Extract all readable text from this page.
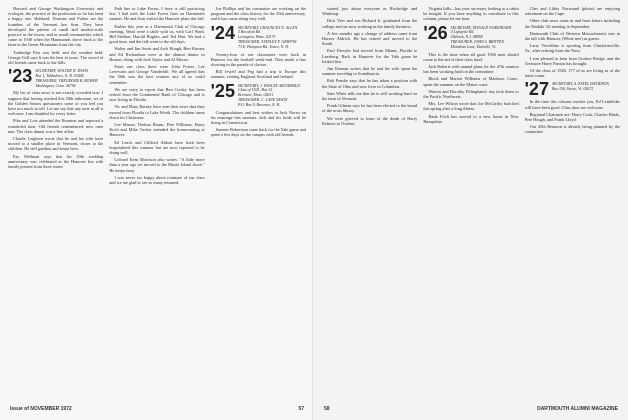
Harvard and George Washington University and ecologist, the practice of the profession so far has been a happy one. Hubbard, Norman and Fulton are the founders of the Vermont law firm. They have developed the pattern of small and modest-scale practice in the towns, and in small communities which came in 1948 when the Hammonds drove back to the farm in the Green Mountains from the city.

Tunbridge Fair was held, and the weather held. George Gall says it was the best in years. The crowd of old friends came back to the hills.

'23 SECRETARY, WALTER W. DAVIS
Box 1, Tubbsboro, N. H. 03445
TREASURER, THEODORE R. BOWER
Washington, Conn. 06794

My list of class news is not exactly crowded now. I suppose that having reached this 50th milestone, we of the Golden Sixties questioners some of you feel you have not much to tell. Let me say that any note at all is welcome. I am thankful for every letter.

Pike and Lois attended the Reunion and reported a wonderful time. Old friends remembered, new ones met. The class dinner was a fine affair.

Charlie Leighton wrote that he and his wife have moved to a smaller place in Vermont, closer to the children. He still gardens and keeps bees.

Fay Wellman says that his 50th wedding anniversary was celebrated at the Hanover Inn with family present from three states.

Path line to Lake Forest. I have is still practicing law. I had with the Lake Forest firm on Dartmouth matters. He and Jean visited the Hanover plain this fall.

Earlier this year at a Dartmouth Club of Chicago meeting, Ward were a table with us, with Carl Ward, Bill Shelton, Harold Hughes, and Ted Hart. We had a good time, and the talk went to the old days.

Walter and Jim Swett and Arch Hough, Bert Kinney and Ed Richardson were at the alumni dinner in Boston, along with Jack Taylor and Al Morris.

From our class there were John Foster, Lee Lovewain and George Vanderbilt. We all agreed that the 50th was the best reunion any of us could remember.

We are sorry to report that Ben Cooley has been retired from the Continental Bank of Chicago and is now living in Florida.

Vic and Mary Barney have sent their news that they moved from Florida to Lake Worth. The children came down for Christmas.

Lee Mason, Thelma Bourn, Pete Williams, Harry Koch and Mike Tucker attended the homecoming at Hanover.

Ed Leach and Clifford Abbott have both been hospitalized this summer but are now reported to be doing well.

Colonel Kent Morrison also writes: "A little more than a year ago we moved to the Rhode Island shore." He keeps busy.

I was never too happy about reunions of our class and we are glad to see so many returned.

Joe Phillips and his committee are working on the program and the class history for the 50th anniversary, and it has come along very well.

'24 SECRETARY, CHAUNCEY N. ALLEN
3 Bowdoin Rd.
Lexington, Mass. 02173
TREASURER, STANLEY F. GRIFFIN
73 E. Hampton Rd., Essex, N. H.

Twenty-four of our classmates were back in Hanover for the football week-end. They made a fine showing in the parade of classes.

Bill Jewell and Peg had a trip to Europe this summer, visiting England, Scotland and Ireland.

'25 SECRETARY, J. WESLEY ARCHIBALD
Class of 1925, Box 32
Brewster, Mass. 02631
TREASURER, C. LANE SAWIN
P.O. Box 9, Brewster, N. H.

Congratulations and best wishes to Jack Norris on his marriage this summer. Jack and his bride will be living in Connecticut.

Sumner Robertson came back for the Yale game and spent a few days on the campus with old friends.

Issue of NOVEMBER 1972	57

started just about everyone in Rockridge and Winthrop.

Dick Veer and son Richard Jr. graduated from the college and are now working in the family business.

A few months ago a change of address came from Horace Aldrich. He has retired and moved to the South.

Paul Dressler had moved from Miami, Florida to Leesburg. Back in Hanover for the Yale game he looked fine.

Jim Kennan writes that he and his wife spent the summer traveling in Scandinavia.

Bob Fenske says that he has taken a position with the State of Ohio and now lives in Columbus.

Sam White tells me that he is still working hard on his farm in Vermont.

Frank Gilman says he has been elected to the board of the town library.

We were grieved to learn of the death of Harry Roberts in October.

Virginia hills—has your secretary looking to a cabin he bought. If you have anything to contribute to this column, please let me hear.

'26 SECRETARY, DONALD NORSTRAND
4 Lafayette Rd.
Oldwick, N.J. 08858
TREASURER, JOHN S. BRITTEN
Mortdean Lane, Danville, Vt.

This is the time when all good 1926 men should come to the aid of their class fund.

Jack Roberts with annual plans for the 47th reunion has been working hard on the committee.

Block and Marion Williams of Madison, Conn., spent the summer on the Maine coast.

Warren and Dorothy Fillingham's trip took them to the Pacific Northwest.

Mrs. Lee Wilson wrote that Joe McCarthy had died this spring after a long illness.

Hank Fitch has moved to a new home in New Hampshire.

Chet and Libby Norstrand (photo) are enjoying retirement on the Cape.

Other club news came in and from letters including the Waikiki '26 meeting in September.

Dartmouth Club of Western Massachusetts met in the fall with Hanson, (White tree) as guests.

Larry Vercellino is sporting from Charlottesville, Va., after retiring from the Navy.

I was pleased to hear from Gordon Bridge, and the Treasurer Harry Fanton has brought.

Of the class of 1926, 177 of us are living as of the latest count.

'27 SECRETARY, A. ESTEL DAVIDSON
Box 156, Stowe, Vt. 05672

In the time this column reaches you, Ed Leinfelder will have been good. Class dues are welcome.

Regional Chairmen are: Harry Cook, Charles Hinds, Pete Hough, and Frank Lloyd.

Our 45th Reunion is already being planned by the committee.

58	DARTMOUTH ALUMNI MAGAZINE
